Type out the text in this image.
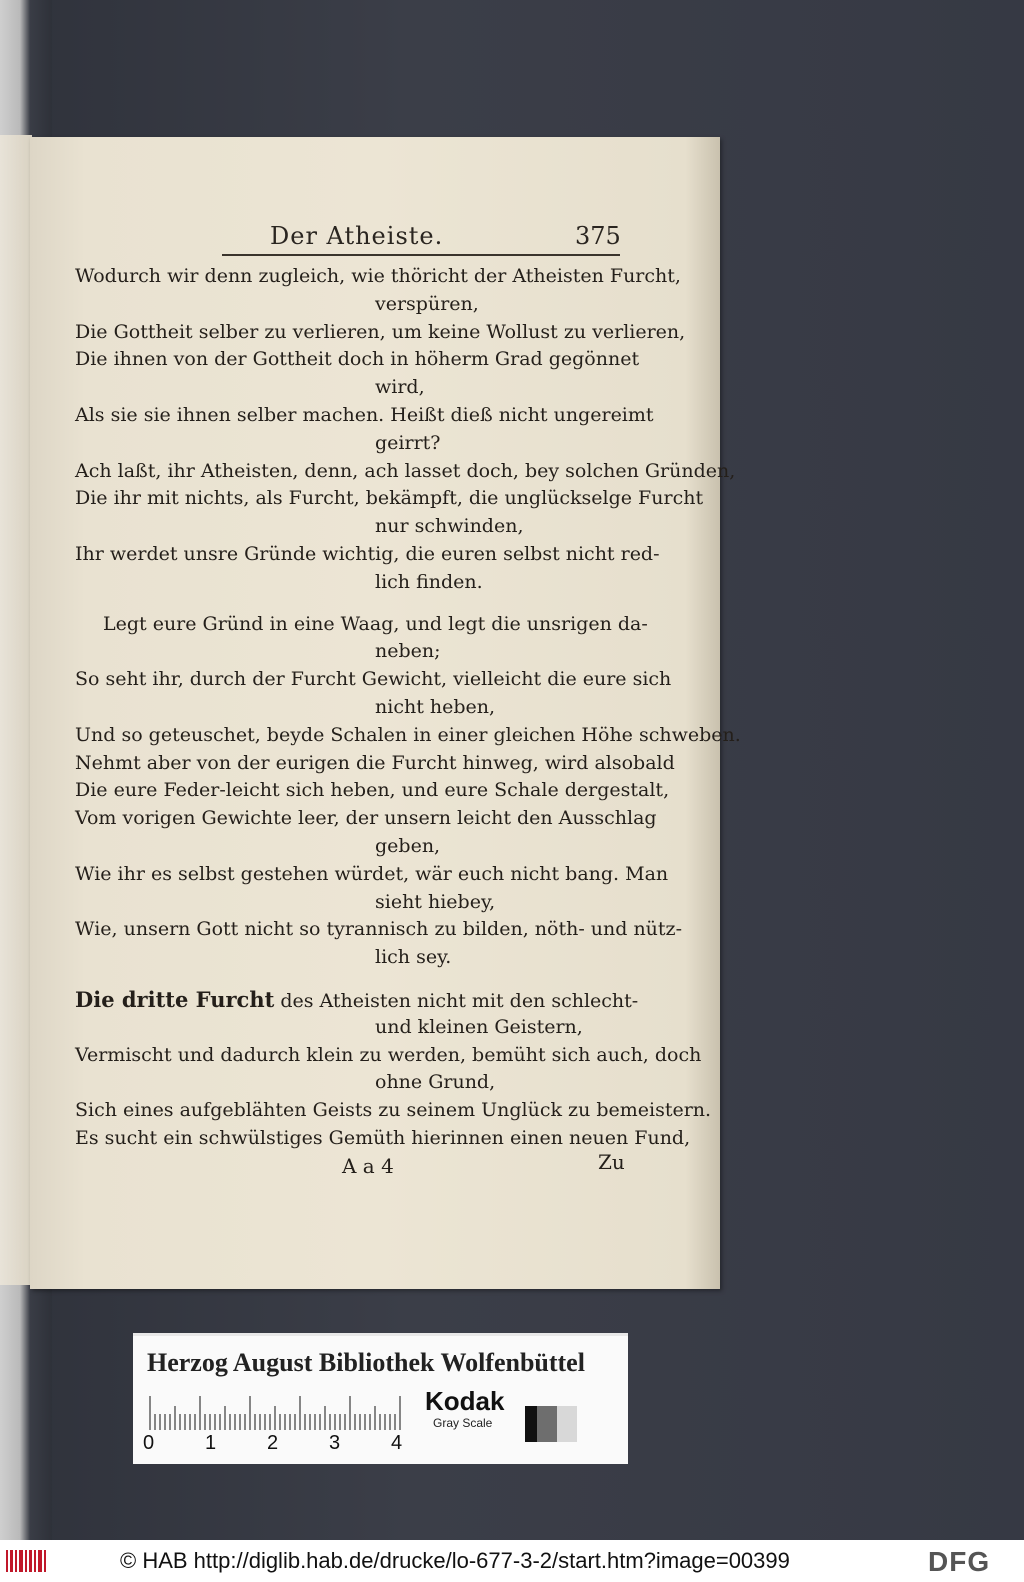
Der Atheiste.	375
Wodurch wir denn zugleich, wie thöricht der Atheisten Furcht,
verspüren,
Die Gottheit selber zu verlieren, um keine Wollust zu verlieren,
Die ihnen von der Gottheit doch in höherm Grad gegönnet
wird,
Als sie sie ihnen selber machen. Heißt dieß nicht ungereimt
geirrt?
Ach laßt, ihr Atheisten, denn, ach lasset doch, bey solchen Gründen,
Die ihr mit nichts, als Furcht, bekämpft, die unglückselge Furcht
nur schwinden,
Ihr werdet unsre Gründe wichtig, die euren selbst nicht red-
lich finden.
Legt eure Gründ in eine Waag, und legt die unsrigen da-
neben;
So seht ihr, durch der Furcht Gewicht, vielleicht die eure sich
nicht heben,
Und so geteuschet, beyde Schalen in einer gleichen Höhe schweben.
Nehmt aber von der eurigen die Furcht hinweg, wird alsobald
Die eure Feder-leicht sich heben, und eure Schale dergestalt,
Vom vorigen Gewichte leer, der unsern leicht den Ausschlag
geben,
Wie ihr es selbst gestehen würdet, wär euch nicht bang. Man
sieht hiebey,
Wie, unsern Gott nicht so tyrannisch zu bilden, nöth- und nütz-
lich sey.
Die dritte Furcht des Atheisten nicht mit den schlecht-
und kleinen Geistern,
Vermischt und dadurch klein zu werden, bemüht sich auch, doch
ohne Grund,
Sich eines aufgeblähten Geists zu seinem Unglück zu bemeistern.
Es sucht ein schwülstiges Gemüth hierinnen einen neuen Fund,
A a 4	Zu
Herzog August Bibliothek Wolfenbüttel
0	1	2	3	4
Kodak
Gray Scale
© HAB http://diglib.hab.de/drucke/lo-677-3-2/start.htm?image=00399	DFG
